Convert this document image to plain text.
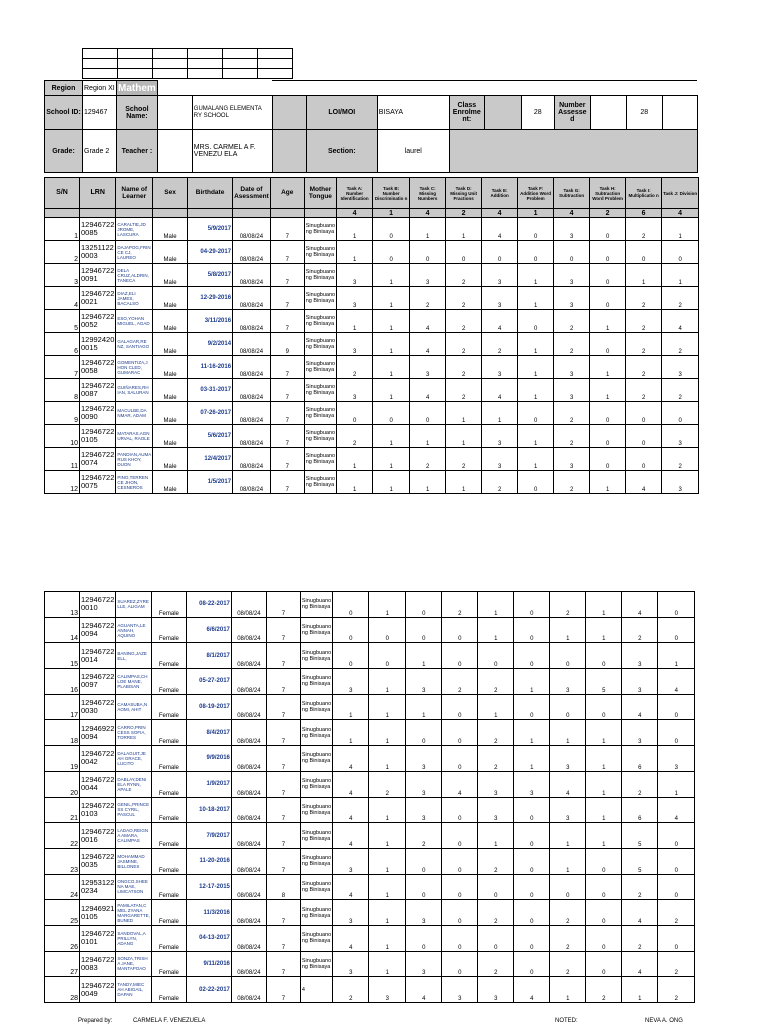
Region	Region XI	Mathem													
School ID:	129467	School Name:		GUMALANG ELEMENTA RY SCHOOL			LOI/MOI	BISAYA	Class Enrolme nt:		28	Number Assesse d		28	
Grade:	Grade 2	Teacher :		MRS. CARMEL A F. VENEZU ELA			Section:	laurel							
S/N	LRN	Name of Learner	Sex	Birthdate	Date of Asessment	Age	Mother Tongue	Task A: Number Identification	Task B: Number Discriminatio n	Task C: Missing Numbers	Task D: Missing Unit Fractions	Task E: Addition	Task F: Addition Word Problem	Task G: Subtraction	Task H: Subtraction Word Problem	Task I: Multiplicatio n	Task J: Division
								4	1	4	2	4	1	4	2	6	4
1	12946722 0085	CARALTIE,JD JROME, LASCURA	Male	5/9/2017	08/08/24	7	Sinugbuano ng Binisaya	1	0	1	1	4	0	3	0	2	1
2	13251122 0003	DAJAPOG,FRIN CE CJ, LAUREO	Male	04-29-2017	08/08/24	7	Sinugbuano ng Binisaya	1	0	0	0	0	0	0	0	0	0
3	12946722 0091	DELA CRUZ,ALDRIN, TANECA	Male	5/8/2017	08/08/24	7	Sinugbuano ng Binisaya	3	1	3	2	3	1	3	0	1	1
4	12946722 0021	DIAZ,ELI JAMES, BACALSO	Male	12-29-2016	08/08/24	7	Sinugbuano ng Binisaya	3	1	2	2	3	1	3	0	2	2
5	12946722 0052	ESO,YOHAN MIGUEL, AGAD	Male	3/11/2016	08/08/24	7	Sinugbuano ng Binisaya	1	1	4	2	4	0	2	1	2	4
6	12992420 0015	GALAGAR,RE NZ, SANTIAGO	Male	9/2/2014	08/08/24	9	Sinugbuano ng Binisaya	3	1	4	2	2	1	2	0	2	2
7	12946722 0058	GOMENTIZA,J HON CLED, GUMARAC	Male	11-16-2016	08/08/24	7	Sinugbuano ng Binisaya	2	1	3	2	3	1	3	1	2	3
8	12946722 0087	GUIÑARES,RH IAN, SALURAN	Male	03-31-2017	08/08/24	7	Sinugbuano ng Binisaya	3	1	4	2	4	1	3	1	2	2
9	12946722 0090	MACULBE,DA NMAR, ADAM	Male	07-26-2017	08/08/24	7	Sinugbuano ng Binisaya	0	0	0	1	1	0	2	0	0	0
10	12946722 0105	MATARAS,AGN URVAL, RAOLE	Male	5/6/2017	08/08/24	7	Sinugbuano ng Binisaya	2	1	1	1	3	1	2	0	0	3
11	12946722 0074	PANDIAN,AUMA RUS KHOY, DUON	Male	12/4/2017	08/08/24	7	Sinugbuano ng Binisaya	1	1	2	2	3	1	3	0	0	2
12	12946722 0075	PINO,TERREN CE JHON, CESNEROS	Male	1/5/2017	08/08/24	7	Sinugbuano ng Binisaya	1	1	1	1	2	0	2	1	4	3
13	12946722 0010	SUAREZ,ZYRE LLE, ALIGAM	Female	08-22-2017	08/08/24	7	Sinugbuano ng Binisaya	0	1	0	2	1	0	2	1	4	0
14	12946722 0094	AGUANTA,LE ANNAH, AQUINO	Female	6/6/2017	08/08/24	7	Sinugbuano ng Binisaya	0	0	0	0	1	0	1	1	2	0
15	12946722 0014	BANING,JAZE ELL,	Female	8/1/2017	08/08/24	7	Sinugbuano ng Binisaya	0	0	1	0	0	0	0	0	3	1
16	12946722 0097	CALIMPAS,CH LOE MANE, PLABISAN	Female	05-27-2017	08/08/24	7	Sinugbuano ng Binisaya	3	1	3	2	2	1	3	5	3	4
17	12946722 0030	CAMASUBA,N AOMI, AHIT	Female	08-19-2017	08/08/24	7	Sinugbuano ng Binisaya	1	1	1	0	1	0	0	0	4	0
18	12946922 0094	CARRO,PRIN CESS SOFIA, TORRES	Female	8/4/2017	08/08/24	7	Sinugbuano ng Binisaya	1	1	0	0	2	1	1	1	3	0
19	12946722 0042	DALAGUIT,JE AH GRACE, LUCITO	Female	9/9/2016	08/08/24	7	Sinugbuano ng Binisaya	4	1	3	0	2	1	3	1	6	3
20	12946722 0044	DABLAY,DENI ELA RYNN, APALE	Female	1/9/2017	08/08/24	7	Sinugbuano ng Binisaya	4	2	3	4	3	3	4	1	2	1
21	12946722 0103	GENIL,PRINCE SS CYRIL, PASCUL	Female	10-18-2017	08/08/24	7	Sinugbuano ng Binisaya	4	1	3	0	3	0	3	1	6	4
22	12946722 0016	LADAO,REIGN A AMARA, CALIMPAS	Female	7/9/2017	08/08/24	7	Sinugbuano ng Binisaya	4	1	2	0	1	0	1	1	5	0
23	12946722 0035	MOHAMMAD JASMINE, BILLONES	Female	11-20-2016	08/08/24	7	Sinugbuano ng Binisaya	3	1	0	0	2	0	1	0	5	0
24	12953122 0234	ONGCO,SHEE NA MAE, LIMCATSON	Female	12-17-2015	08/08/24	8	Sinugbuano ng Binisaya	4	1	0	0	0	0	0	0	2	0
25	12946921 0105	PAMILATAN,C MEL ZYANA MARGARETTE, BUNED	Female	11/3/2016	08/08/24	7	Sinugbuano ng Binisaya	3	1	3	0	2	0	2	0	4	2
26	12946722 0101	SANDOVAL,A PRILLYN, ADANG	Female	04-13-2017	08/08/24	7	Sinugbuano ng Binisaya	4	1	0	0	0	0	2	0	2	0
27	12946722 0083	SONZA,TRISH A JANE, MANTAPOAO	Female	9/11/2016	08/08/24	7	Sinugbuano ng Binisaya	3	1	3	0	2	0	2	0	4	2
28	12946722 0049	TANDY,MIEC AH ABIGAIL, DAPAN	Female	02-22-2017	08/08/24	7	4	2	3	4	3	3	4	1	2	1	2
Prepared by:	CARMELA F. VENEZUELA	NOTED:	NEVA A. ONG
